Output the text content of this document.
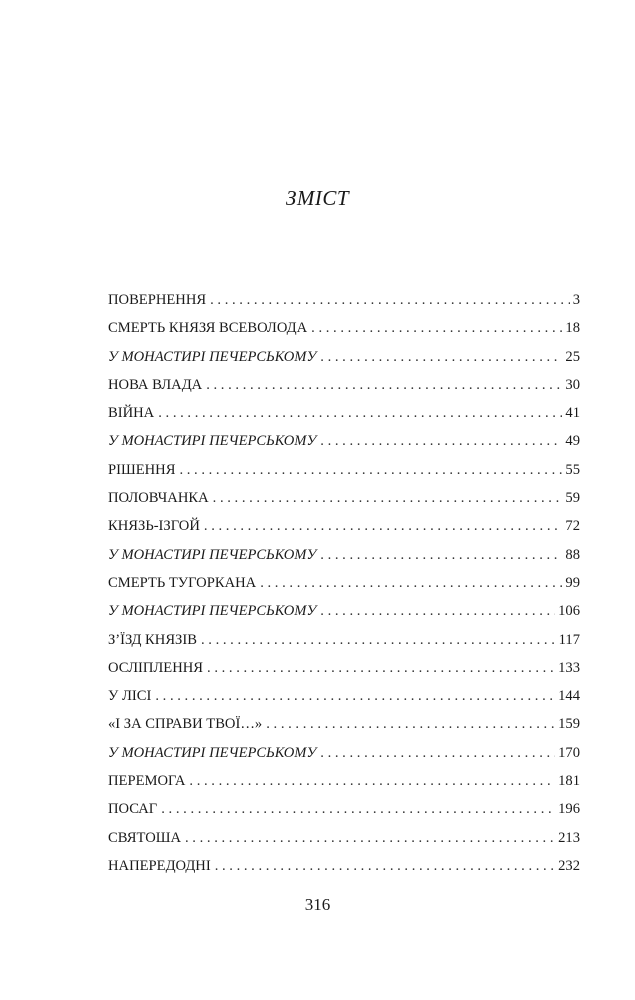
ЗМІСТ
ПОВЕРНЕННЯ . . .	3
СМЕРТЬ КНЯЗЯ ВСЕВОЛОДА . . .	18
У МОНАСТИРІ ПЕЧЕРСЬКОМУ . . .	25
НОВА ВЛАДА . . .	30
ВІЙНА . . .	41
У МОНАСТИРІ ПЕЧЕРСЬКОМУ . . .	49
РІШЕННЯ . . .	55
ПОЛОВЧАНКА . . .	59
КНЯЗЬ-ІЗГОЙ . . .	72
У МОНАСТИРІ ПЕЧЕРСЬКОМУ . . .	88
СМЕРТЬ ТУГОРКАНА . . .	99
У МОНАСТИРІ ПЕЧЕРСЬКОМУ . . .	106
З’ЇЗД КНЯЗІВ . . .	117
ОСЛІПЛЕННЯ . . .	133
У ЛІСІ . . .	144
«І ЗА СПРАВИ ТВОЇ…» . . .	159
У МОНАСТИРІ ПЕЧЕРСЬКОМУ . . .	170
ПЕРЕМОГА . . .	181
ПОСАГ . . .	196
СВЯТОША . . .	213
НАПЕРЕДОДНІ . . .	232
316
